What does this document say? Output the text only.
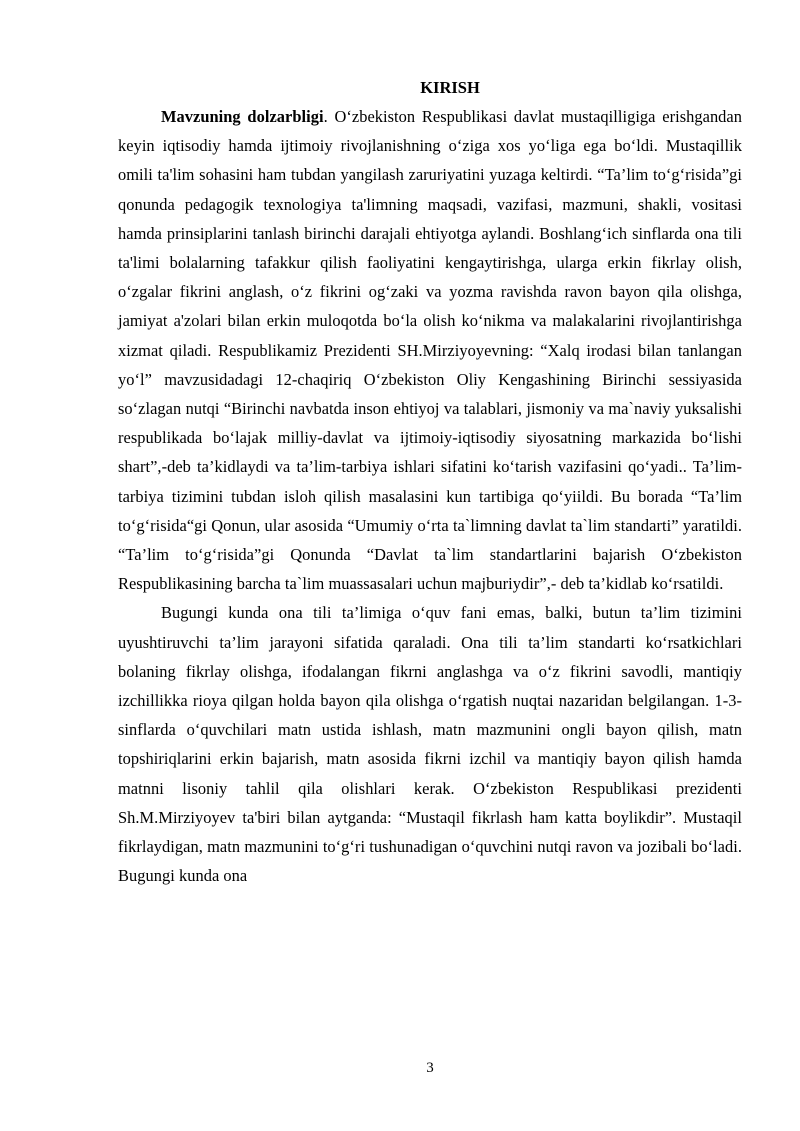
KIRISH

Mavzuning dolzarbligi. O‘zbekiston Respublikasi davlat mustaqilligiga erishgandan keyin iqtisodiy hamda ijtimoiy rivojlanishning o‘ziga xos yo‘liga ega bo‘ldi. Mustaqillik omili ta'lim sohasini ham tubdan yangilash zaruriyatini yuzaga keltirdi. “Ta’lim to‘g‘risida”gi qonunda pedagogik texnologiya ta'limning maqsadi, vazifasi, mazmuni, shakli, vositasi hamda prinsiplarini tanlash birinchi darajali ehtiyotga aylandi. Boshlang‘ich sinflarda ona tili ta'limi bolalarning tafakkur qilish faoliyatini kengaytirishga, ularga erkin fikrlay olish, o‘zgalar fikrini anglash, o‘z fikrini og‘zaki va yozma ravishda ravon bayon qila olishga, jamiyat a'zolari bilan erkin muloqotda bo‘la olish ko‘nikma va malakalarini rivojlantirishga xizmat qiladi. Respublikamiz Prezidenti SH.Mirziyoyevning: “Xalq irodasi bilan tanlangan yo‘l” mavzusidadagi 12-chaqiriq O‘zbekiston Oliy Kengashining Birinchi sessiyasida so‘zlagan nutqi “Birinchi navbatda inson ehtiyoj va talablari, jismoniy va ma`naviy yuksalishi respublikada bo‘lajak milliy-davlat va ijtimoiy-iqtisodiy siyosatning markazida bo‘lishi shart”,-deb ta’kidlaydi va ta’lim-tarbiya ishlari sifatini ko‘tarish vazifasini qo‘yadi.. Ta’lim-tarbiya tizimini tubdan isloh qilish masalasini kun tartibiga qo‘yiildi. Bu borada “Ta’lim to‘g‘risida“gi Qonun, ular asosida “Umumiy o‘rta ta`limning davlat ta`lim standarti” yaratildi. “Ta’lim to‘g‘risida”gi Qonunda “Davlat ta`lim standartlarini bajarish O‘zbekiston Respublikasining barcha ta`lim muassasalari uchun majburiydir”,- deb ta’kidlab ko‘rsatildi.

Bugungi kunda ona tili ta’limiga o‘quv fani emas, balki, butun ta’lim tizimini uyushtiruvchi ta’lim jarayoni sifatida qaraladi. Ona tili ta’lim standarti ko‘rsatkichlari bolaning fikrlay olishga, ifodalangan fikrni anglashga va o‘z fikrini savodli, mantiqiy izchillikka rioya qilgan holda bayon qila olishga o‘rgatish nuqtai nazaridan belgilangan. 1-3- sinflarda o‘quvchilari matn ustida ishlash, matn mazmunini ongli bayon qilish, matn topshiriqlarini erkin bajarish, matn asosida fikrni izchil va mantiqiy bayon qilish hamda matnni lisoniy tahlil qila olishlari kerak. O‘zbekiston Respublikasi prezidenti Sh.M.Mirziyoyev ta'biri bilan aytganda: “Mustaqil fikrlash ham katta boylikdir”. Mustaqil fikrlaydigan, matn mazmunini to‘g‘ri tushunadigan o‘quvchini nutqi ravon va jozibali bo‘ladi. Bugungi kunda ona

3
